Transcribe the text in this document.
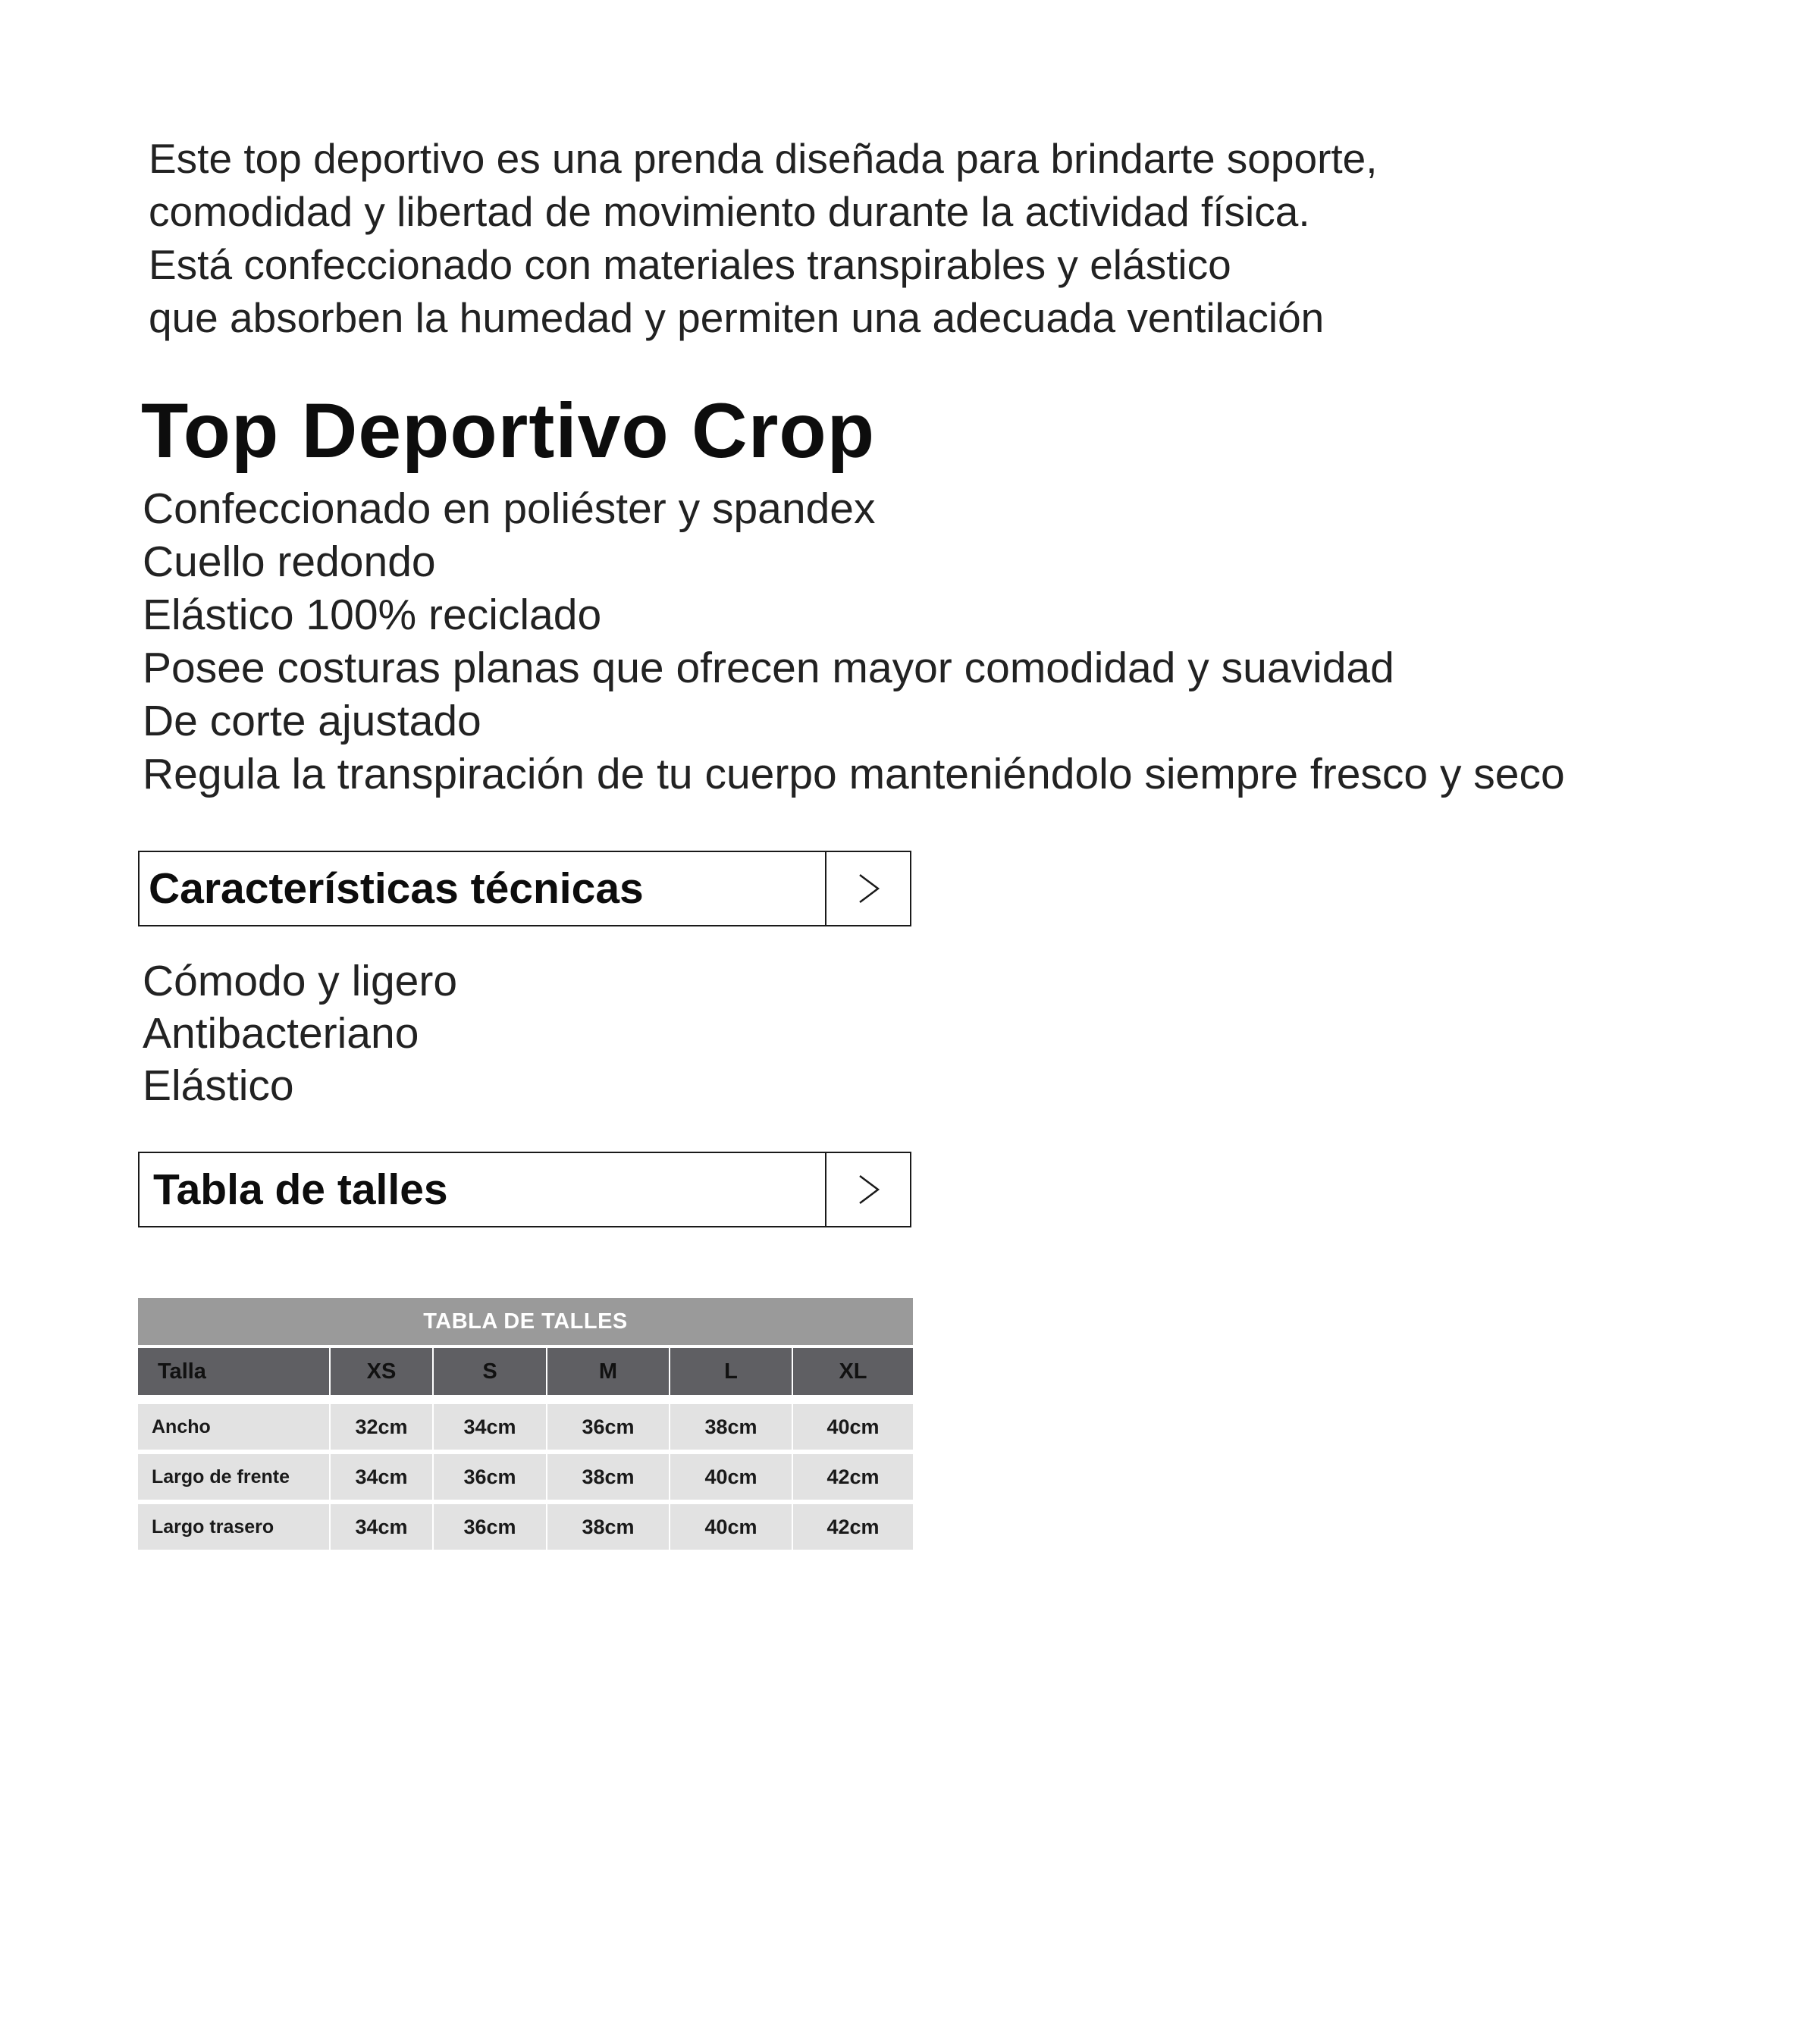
Este top deportivo es una prenda diseñada para brindarte soporte,
comodidad y libertad de movimiento durante la actividad física.
Está confeccionado con materiales transpirables y elástico
que absorben la humedad y permiten una adecuada ventilación
Top Deportivo Crop
Confeccionado en poliéster y spandex
Cuello redondo
Elástico 100% reciclado
Posee costuras planas que ofrecen mayor comodidad y suavidad
De corte ajustado
Regula la transpiración de tu cuerpo manteniéndolo siempre fresco y seco
Características técnicas
Cómodo y ligero
Antibacteriano
Elástico
Tabla de talles
TABLA DE TALLES
Talla	XS	S	M	L	XL
Ancho	32cm	34cm	36cm	38cm	40cm
Largo de frente	34cm	36cm	38cm	40cm	42cm
Largo trasero	34cm	36cm	38cm	40cm	42cm
